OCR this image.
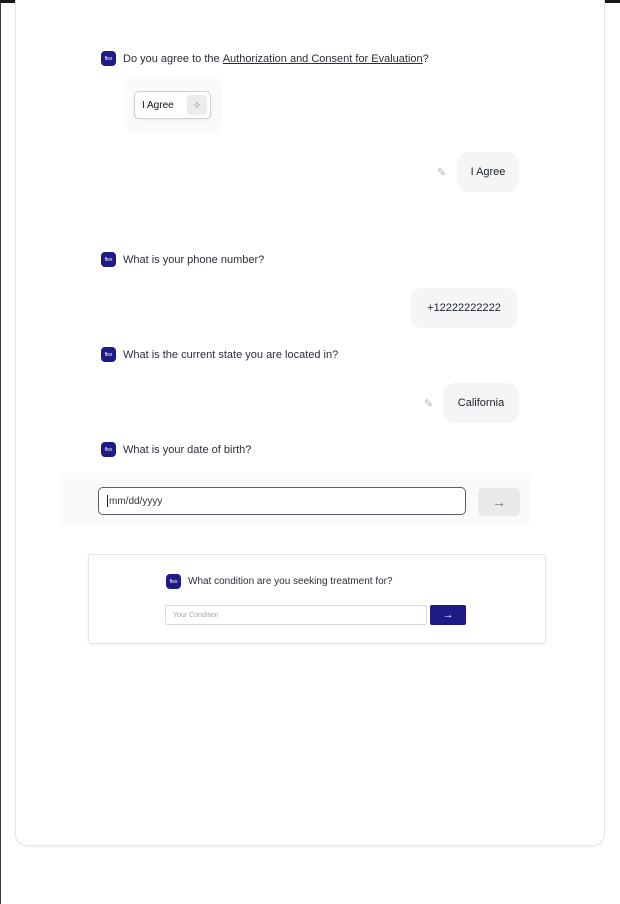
flex Do you agree to the Authorization and Consent for Evaluation ?
I Agree	✧
✎ I Agree
flex What is your phone number?
+12222222222
flex What is the current state you are located in?
✎ California
flex What is your date of birth?
mm/dd/yyyy	→
flex	What condition are you seeking treatment for?
Your Condition	→
